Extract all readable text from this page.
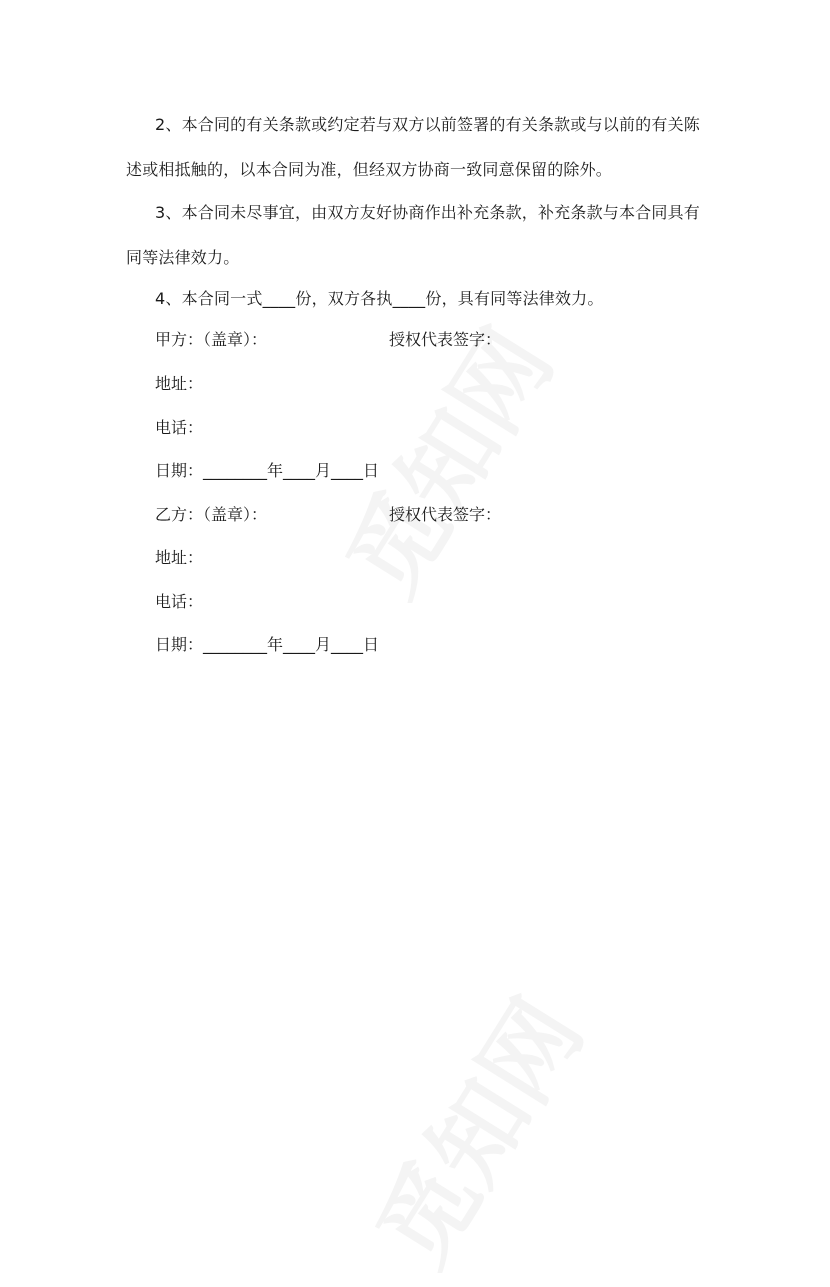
2、本合同的有关条款或约定若与双方以前签署的有关条款或与以前的有关陈述或相抵触的，以本合同为准，但经双方协商一致同意保留的除外。
3、本合同未尽事宜，由双方友好协商作出补充条款，补充条款与本合同具有同等法律效力。
4、本合同一式____份，双方各执____份，具有同等法律效力。
甲方：（盖章）：	授权代表签字：
地址：
电话：
日期：________年____月____日
乙方：（盖章）：	授权代表签字：
地址：
电话：
日期：________年____月____日
